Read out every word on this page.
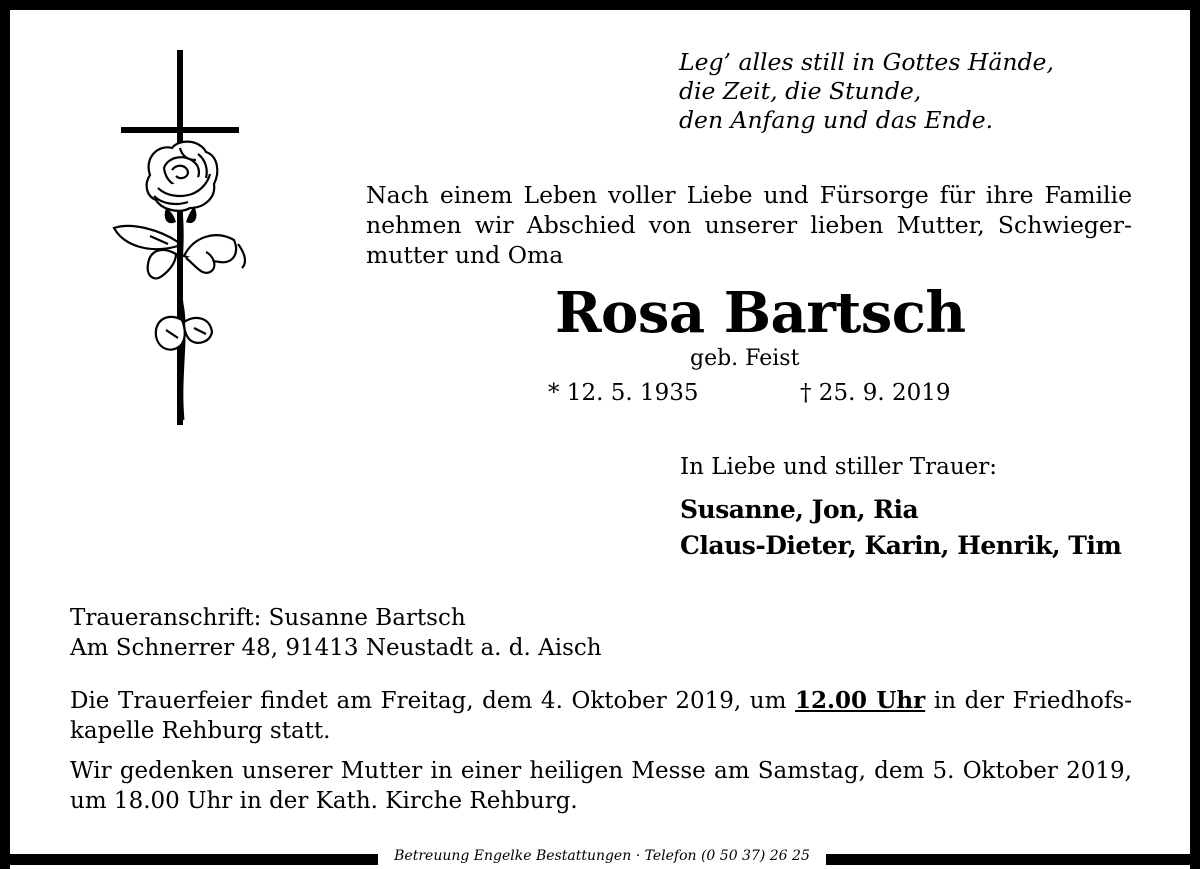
Leg’ alles still in Gottes Hände,
die Zeit, die Stunde,
den Anfang und das Ende.

Nach einem Leben voller Liebe und Fürsorge für ihre Familie nehmen wir Abschied von unserer lieben Mutter, Schwiegermutter und Oma

Rosa Bartsch
geb. Feist
* 12. 5. 1935	† 25. 9. 2019
In Liebe und stiller Trauer:
Susanne, Jon, Ria
Claus-Dieter, Karin, Henrik, Tim
Traueranschrift: Susanne Bartsch
Am Schnerrer 48, 91413 Neustadt a. d. Aisch

Die Trauerfeier findet am Freitag, dem 4. Oktober 2019, um 12.00 Uhr in der Friedhofskapelle Rehburg statt.

Wir gedenken unserer Mutter in einer heiligen Messe am Samstag, dem 5. Oktober 2019, um 18.00 Uhr in der Kath. Kirche Rehburg.

Betreuung Engelke Bestattungen · Telefon (0 50 37) 26 25
